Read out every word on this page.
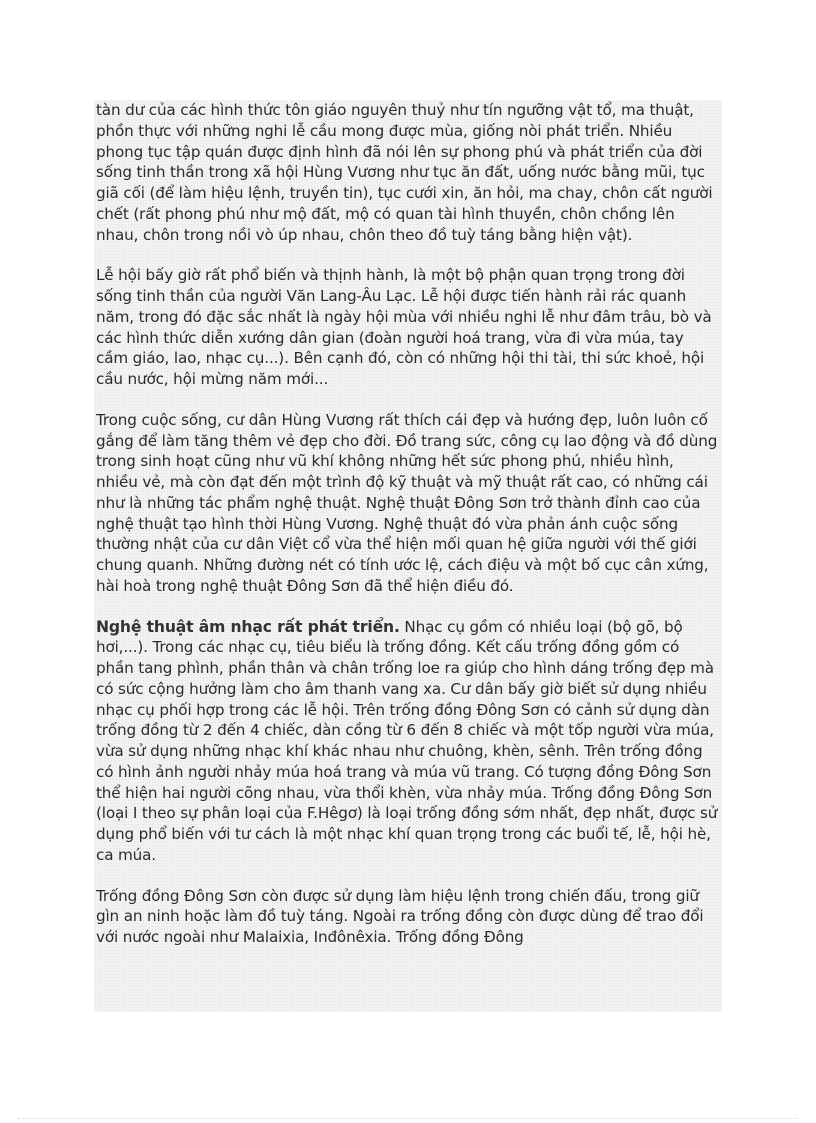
tàn dư của các hình thức tôn giáo nguyên thuỷ như tín ngưỡng vật tổ, ma thuật, phồn thực với những nghi lễ cầu mong được mùa, giống nòi phát triển. Nhiều phong tục tập quán được định hình đã nói lên sự phong phú và phát triển của đời sống tinh thần trong xã hội Hùng Vương như tục ăn đất, uống nước bằng mũi, tục giã cối (để làm hiệu lệnh, truyền tin), tục cưới xin, ăn hỏi, ma chay, chôn cất người chết (rất phong phú như mộ đất, mộ có quan tài hình thuyền, chôn chồng lên nhau, chôn trong nồi vò úp nhau, chôn theo đồ tuỳ táng bằng hiện vật).

Lễ hội bấy giờ rất phổ biến và thịnh hành, là một bộ phận quan trọng trong đời sống tinh thần của người Văn Lang-Âu Lạc. Lễ hội được tiến hành rải rác quanh năm, trong đó đặc sắc nhất là ngày hội mùa với nhiều nghi lễ như đâm trâu, bò và các hình thức diễn xướng dân gian (đoàn người hoá trang, vừa đi vừa múa, tay cầm giáo, lao, nhạc cụ...). Bên cạnh đó, còn có những hội thi tài, thi sức khoẻ, hội cầu nước, hội mừng năm mới...

Trong cuộc sống, cư dân Hùng Vương rất thích cái đẹp và hướng đẹp, luôn luôn cố gắng để làm tăng thêm vẻ đẹp cho đời. Đồ trang sức, công cụ lao động và đồ dùng trong sinh hoạt cũng như vũ khí không những hết sức phong phú, nhiều hình, nhiều vẻ, mà còn đạt đến một trình độ kỹ thuật và mỹ thuật rất cao, có những cái như là những tác phẩm nghệ thuật. Nghệ thuật Đông Sơn trở thành đỉnh cao của nghệ thuật tạo hình thời Hùng Vương. Nghệ thuật đó vừa phản ánh cuộc sống thường nhật của cư dân Việt cổ vừa thể hiện mối quan hệ giữa người với thế giới chung quanh. Những đường nét có tính ước lệ, cách điệu và một bố cục cân xứng, hài hoà trong nghệ thuật Đông Sơn đã thể hiện điều đó.

Nghệ thuật âm nhạc rất phát triển. Nhạc cụ gồm có nhiều loại (bộ gõ, bộ hơi,...). Trong các nhạc cụ, tiêu biểu là trống đồng. Kết cấu trống đồng gồm có phần tang phình, phần thân và chân trống loe ra giúp cho hình dáng trống đẹp mà có sức cộng hưởng làm cho âm thanh vang xa. Cư dân bấy giờ biết sử dụng nhiều nhạc cụ phối hợp trong các lễ hội. Trên trống đồng Đông Sơn có cảnh sử dụng dàn trống đồng từ 2 đến 4 chiếc, dàn cồng từ 6 đến 8 chiếc và một tốp người vừa múa, vừa sử dụng những nhạc khí khác nhau như chuông, khèn, sênh. Trên trống đồng có hình ảnh người nhảy múa hoá trang và múa vũ trang. Có tượng đồng Đông Sơn thể hiện hai người cõng nhau, vừa thổi khèn, vừa nhảy múa. Trống đồng Đông Sơn (loại I theo sự phân loại của F.Hêgơ) là loại trống đồng sớm nhất, đẹp nhất, được sử dụng phổ biến với tư cách là một nhạc khí quan trọng trong các buổi tế, lễ, hội hè, ca múa.

Trống đồng Đông Sơn còn được sử dụng làm hiệu lệnh trong chiến đấu, trong giữ gìn an ninh hoặc làm đồ tuỳ táng. Ngoài ra trống đồng còn được dùng để trao đổi với nước ngoài như Malaixia, Inđônêxia. Trống đồng Đông
